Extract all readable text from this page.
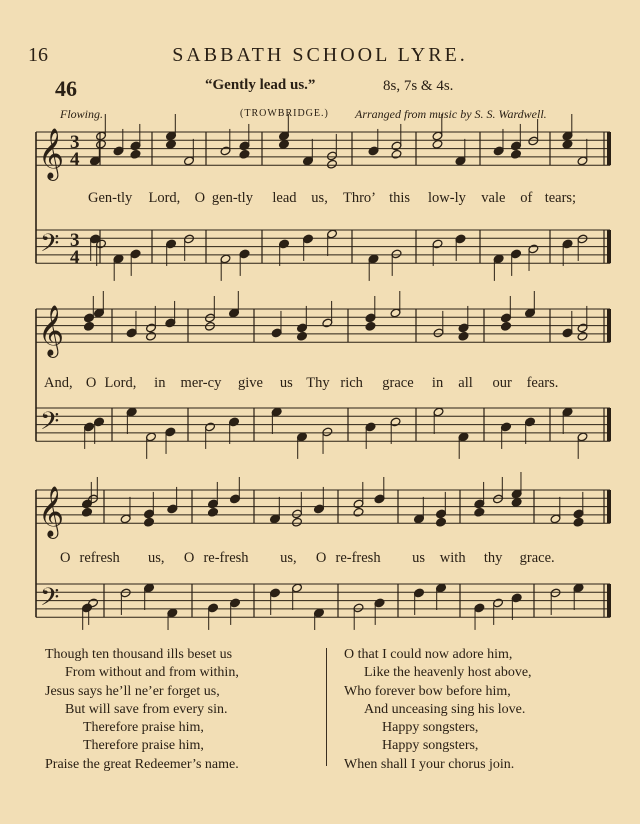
16	SABBATH SCHOOL LYRE.
46	“Gently lead us.”	8s, 7s & 4s.
Flowing.	(TROWBRIDGE.) Arranged from music by S. S. Wardwell.
𝄞 3
4
𝄢 3
4
𝄞
𝄢
𝄞
𝄢
Gen-tly Lord, O gen-tly lead us, Thro’ this low-ly vale of tears;
And, O Lord, in mer-cy give us Thy rich grace in all our fears.
O refresh us, O re-fresh us, O re-fresh us with thy grace.
Though ten thousand ills beset us
From without and from within,
Jesus says he’ll ne’er forget us,
But will save from every sin.
Therefore praise him,
Therefore praise him,
Praise the great Redeemer’s name.
O that I could now adore him,
Like the heavenly host above,
Who forever bow before him,
And unceasing sing his love.
Happy songsters,
Happy songsters,
When shall I your chorus join.
